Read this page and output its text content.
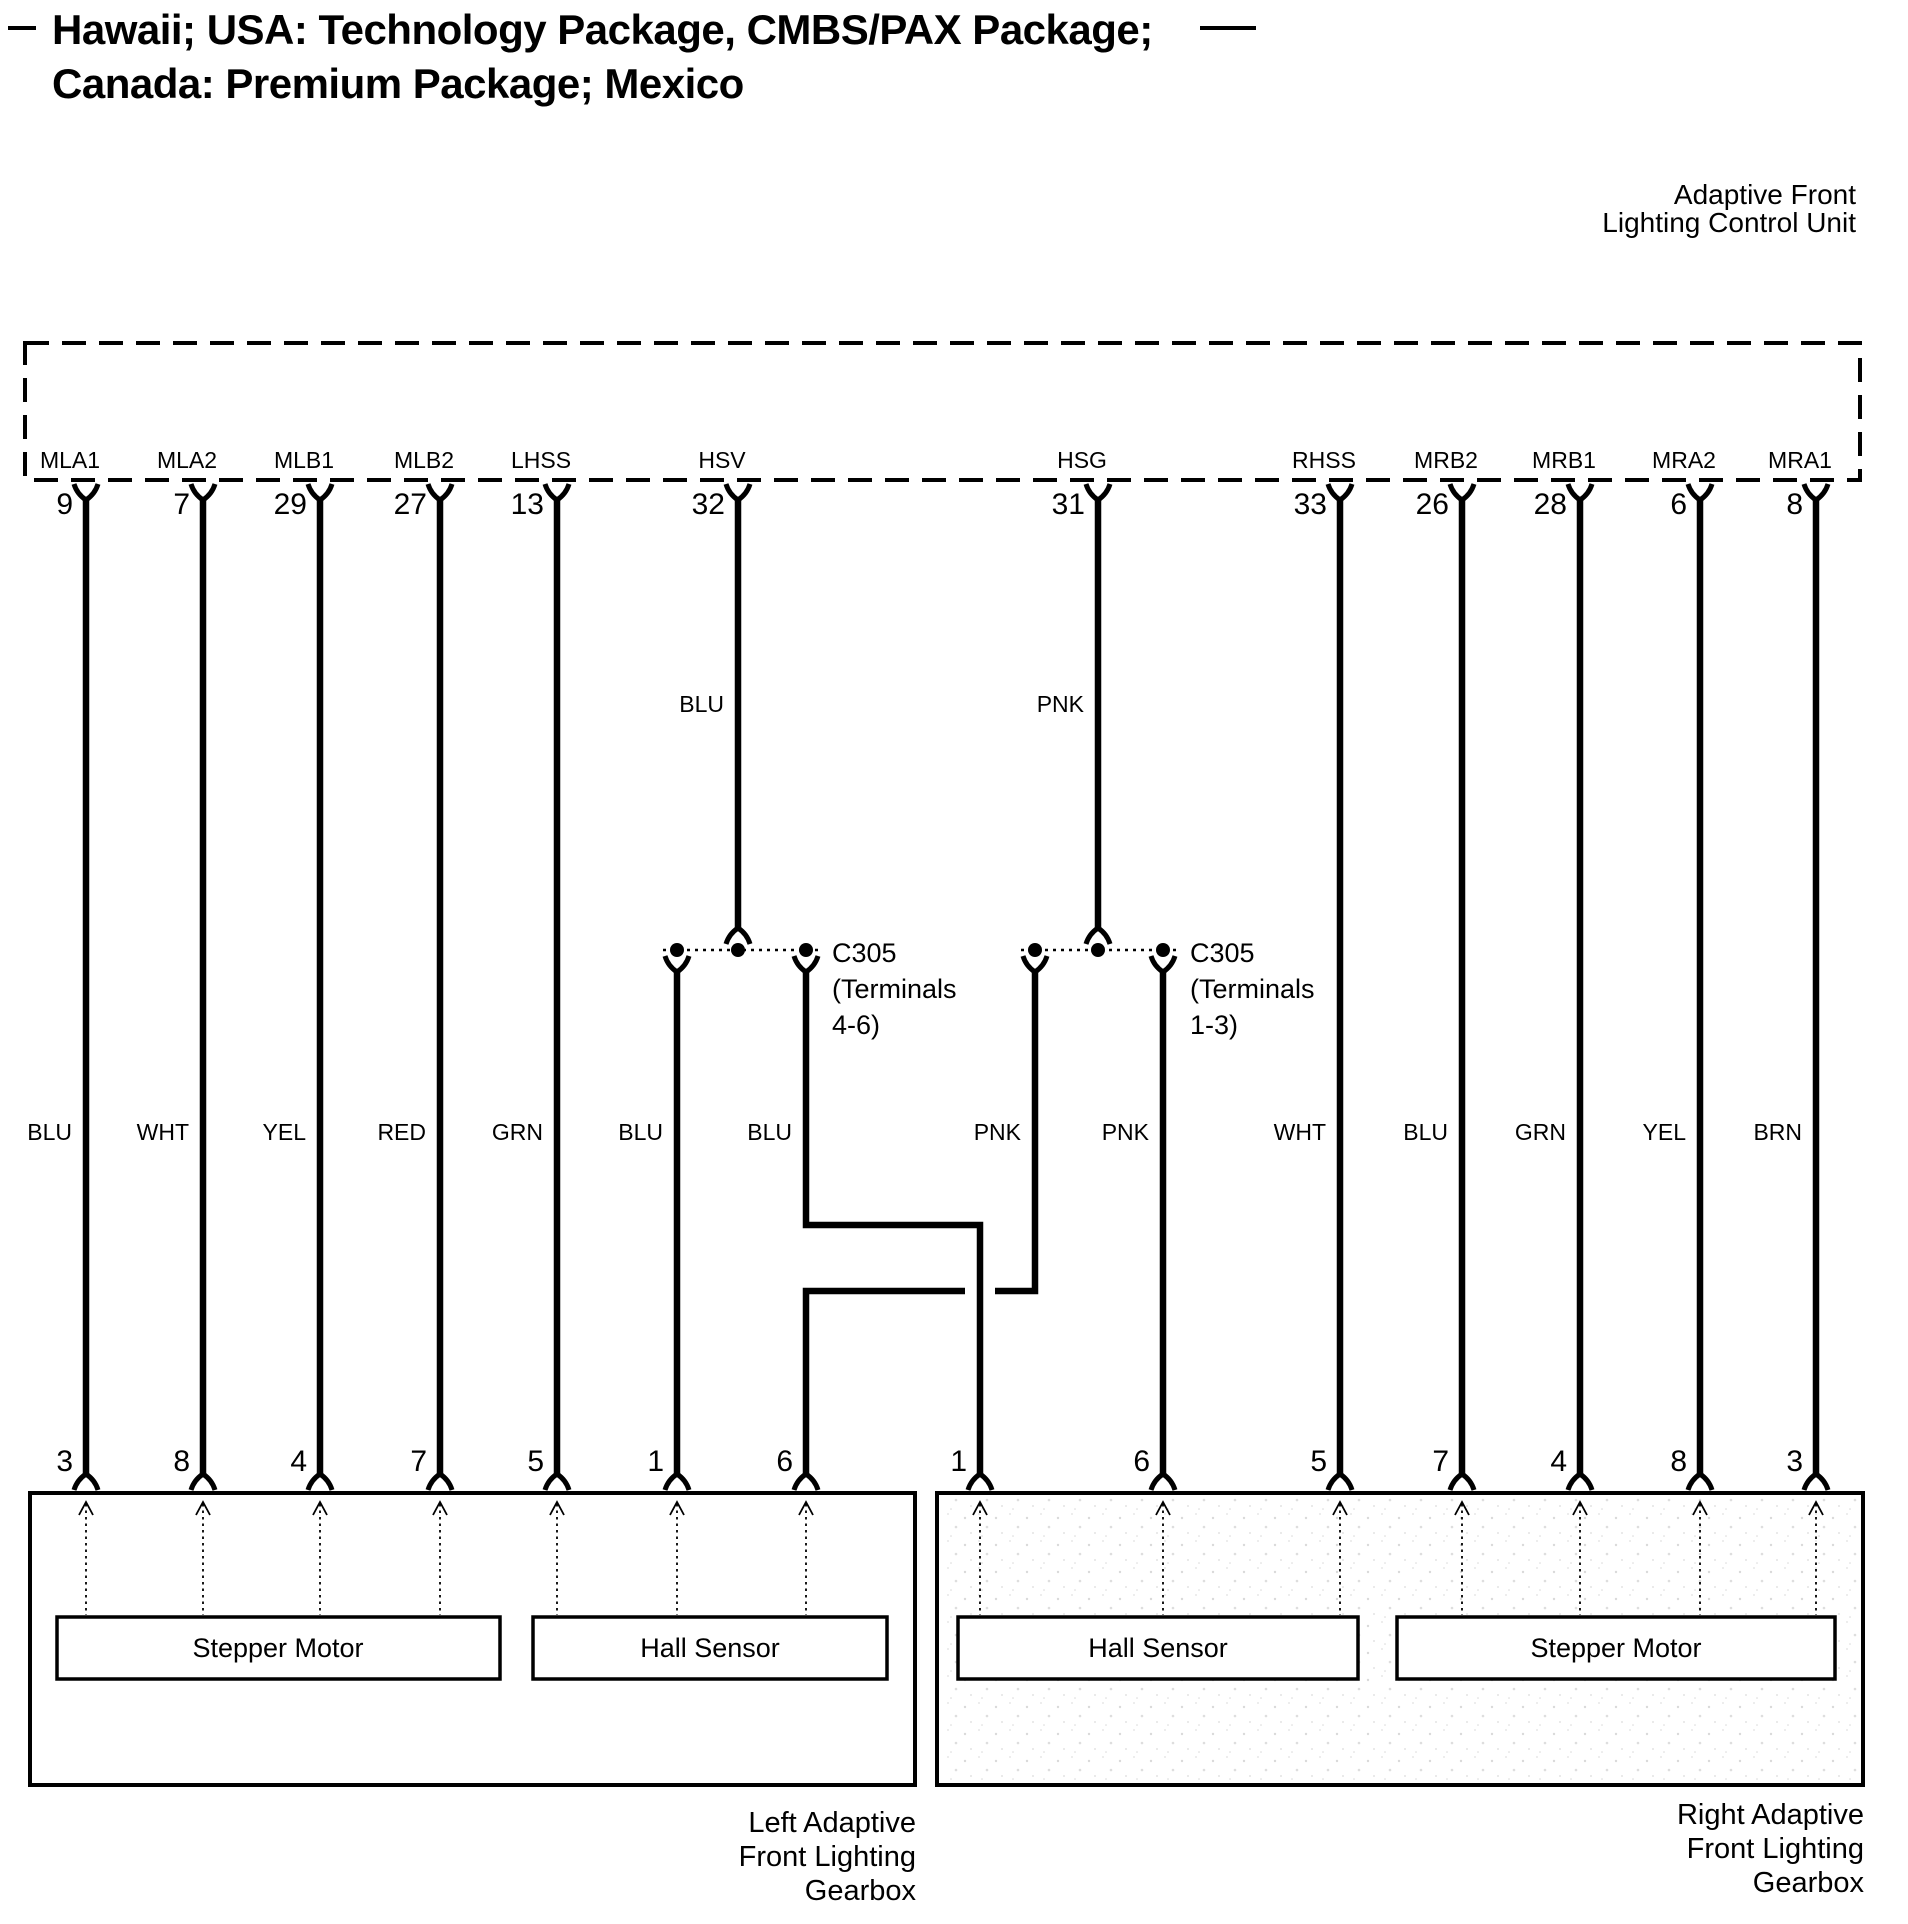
Hawaii; USA: Technology Package, CMBS/PAX Package;
Canada: Premium Package; Mexico
Adaptive Front
Lighting Control Unit
MLA1 MLA2 MLB1	MLB2 LHSS	HSV	HSG	RHSS	MRB2 MRB1 MRA2 MRA1
9	7	29	27	13	32	31	33	26	28	6	8
BLU	PNK
C305
(Terminals
4-6)
C305
(Terminals
1-3)
BLU	WHT	YEL	RED	GRN	BLU	BLU	PNK	PNK	WHT	BLU	GRN	YEL	BRN
3	8	4	7	5	1	6	1	6	5	7	4	8	3
Stepper Motor	Hall Sensor
Left Adaptive
Front Lighting
Gearbox
Hall Sensor	Stepper Motor
Right Adaptive
Front Lighting
Gearbox
